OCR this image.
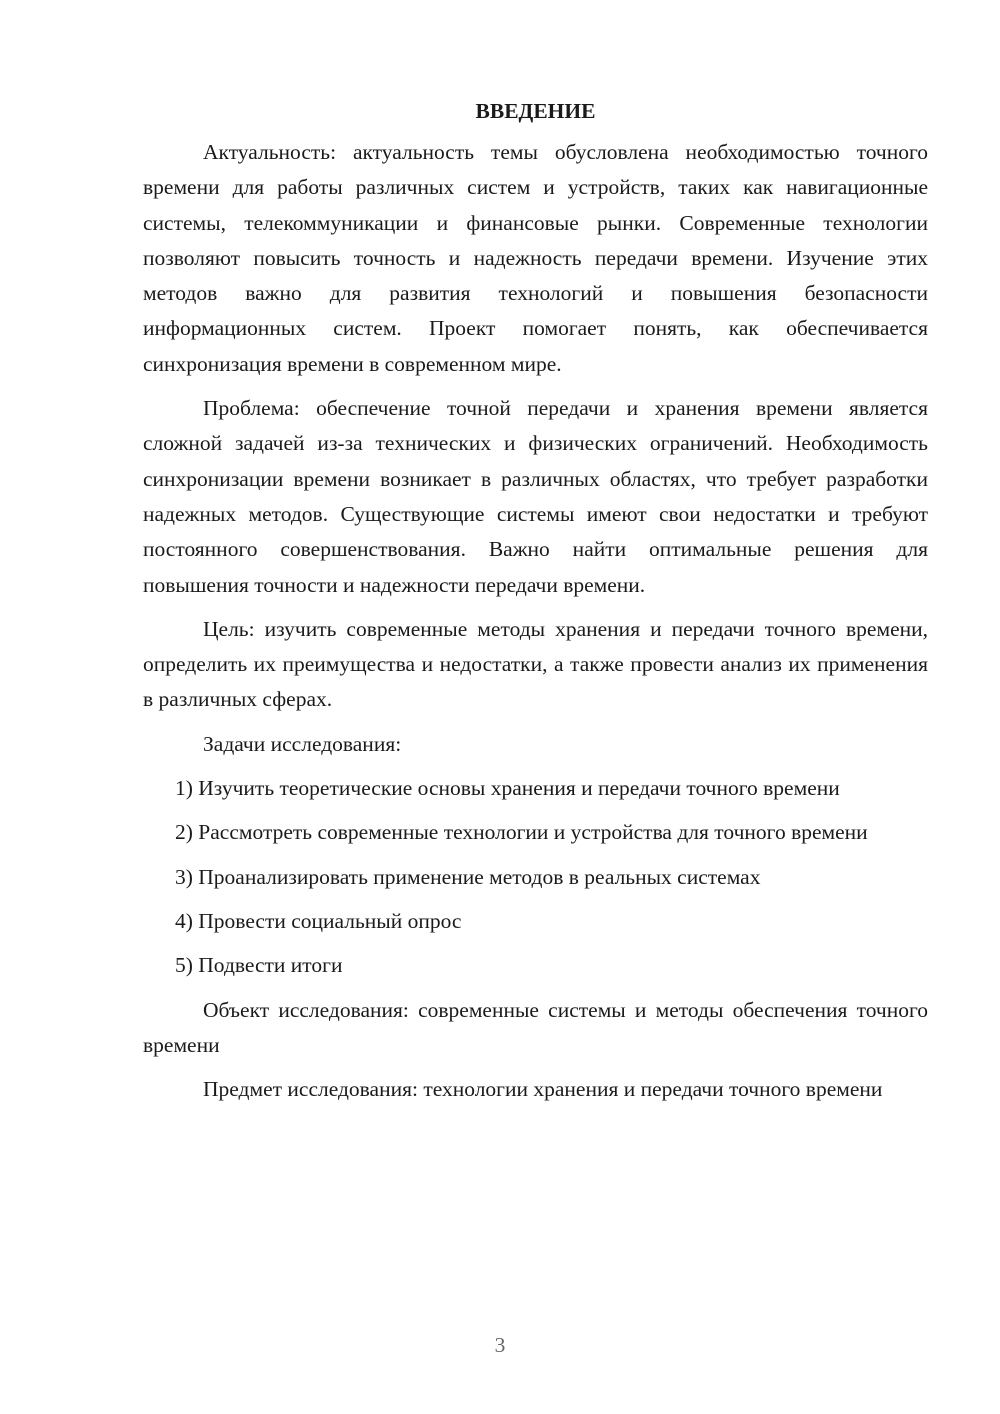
ВВЕДЕНИЕ

Актуальность: актуальность темы обусловлена необходимостью точного времени для работы различных систем и устройств, таких как навигационные системы, телекоммуникации и финансовые рынки. Современные технологии позволяют повысить точность и надежность передачи времени. Изучение этих методов важно для развития технологий и повышения безопасности информационных систем. Проект помогает понять, как обеспечивается синхронизация времени в современном мире.

Проблема: обеспечение точной передачи и хранения времени является сложной задачей из-за технических и физических ограничений. Необходимость синхронизации времени возникает в различных областях, что требует разработки надежных методов. Существующие системы имеют свои недостатки и требуют постоянного совершенствования. Важно найти оптимальные решения для повышения точности и надежности передачи времени.

Цель: изучить современные методы хранения и передачи точного времени, определить их преимущества и недостатки, а также провести анализ их применения в различных сферах.

Задачи исследования:

1) Изучить теоретические основы хранения и передачи точного времени

2) Рассмотреть современные технологии и устройства для точного времени

3) Проанализировать применение методов в реальных системах

4) Провести социальный опрос

5) Подвести итоги

Объект исследования: современные системы и методы обеспечения точного времени

Предмет исследования: технологии хранения и передачи точного времени

3
